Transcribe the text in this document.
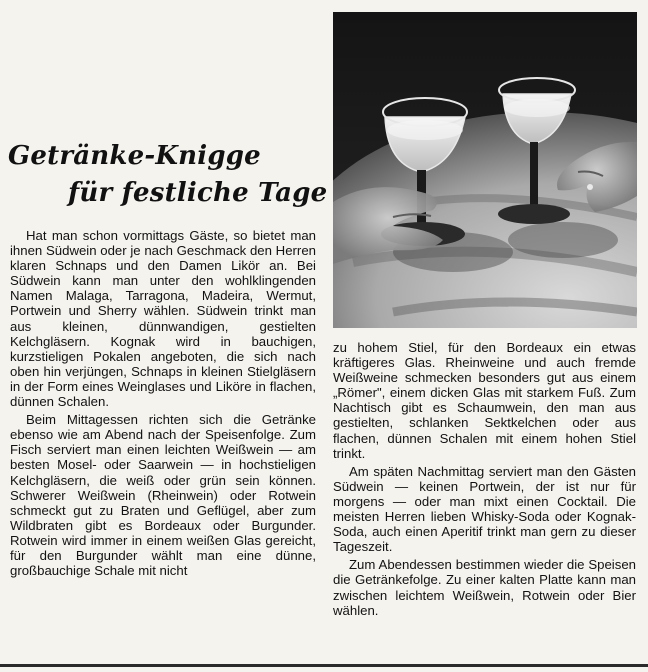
Getränke-Knigge
für festliche Tage

Hat man schon vormittags Gäste, so bietet man ihnen Südwein oder je nach Geschmack den Herren klaren Schnaps und den Damen Likör an. Bei Südwein kann man unter den wohlklingenden Namen Malaga, Tarragona, Madeira, Wermut, Portwein und Sherry wählen. Südwein trinkt man aus kleinen, dünnwandigen, gestielten Kelchgläsern. Kognak wird in bauchigen, kurzstieligen Pokalen angeboten, die sich nach oben hin verjüngen, Schnaps in kleinen Stielgläsern in der Form eines Weinglases und Liköre in flachen, dünnen Schalen.

Beim Mittagessen richten sich die Getränke ebenso wie am Abend nach der Speisenfolge. Zum Fisch serviert man einen leichten Weißwein — am besten Mosel- oder Saarwein — in hochstieligen Kelchgläsern, die weiß oder grün sein können. Schwerer Weißwein (Rheinwein) oder Rotwein schmeckt gut zu Braten und Geflügel, aber zum Wildbraten gibt es Bordeaux oder Burgunder. Rotwein wird immer in einem weißen Glas gereicht, für den Burgunder wählt man eine dünne, großbauchige Schale mit nicht

zu hohem Stiel, für den Bordeaux ein etwas kräftigeres Glas. Rheinweine und auch fremde Weißweine schmecken besonders gut aus einem „Römer", einem dicken Glas mit starkem Fuß. Zum Nachtisch gibt es Schaumwein, den man aus gestielten, schlanken Sektkelchen oder aus flachen, dünnen Schalen mit einem hohen Stiel trinkt.

Am späten Nachmittag serviert man den Gästen Südwein — keinen Portwein, der ist nur für morgens — oder man mixt einen Cocktail. Die meisten Herren lieben Whisky-Soda oder Kognak-Soda, auch einen Aperitif trinkt man gern zu dieser Tageszeit.

Zum Abendessen bestimmen wieder die Speisen die Getränkefolge. Zu einer kalten Platte kann man zwischen leichtem Weißwein, Rotwein oder Bier wählen.
